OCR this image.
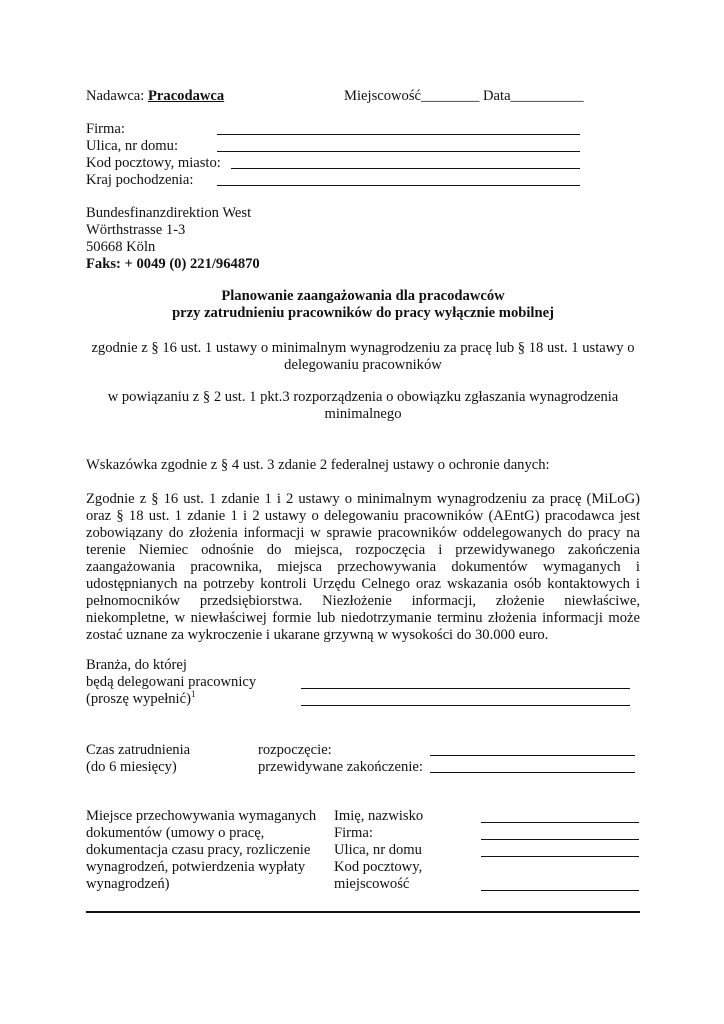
Nadawca: Pracodawca	Miejscowość________ Data__________
Firma:
Ulica, nr domu:
Kod pocztowy, miasto:
Kraj pochodzenia:
Bundesfinanzdirektion West
Wörthstrasse 1-3
50668 Köln
Faks: + 0049 (0) 221/964870
Planowanie zaangażowania dla pracodawców
przy zatrudnieniu pracowników do pracy wyłącznie mobilnej
zgodnie z § 16 ust. 1 ustawy o minimalnym wynagrodzeniu za pracę lub § 18 ust. 1 ustawy o delegowaniu pracowników
w powiązaniu z § 2 ust. 1 pkt.3 rozporządzenia o obowiązku zgłaszania wynagrodzenia minimalnego
Wskazówka zgodnie z § 4 ust. 3 zdanie 2 federalnej ustawy o ochronie danych:
Zgodnie z § 16 ust. 1 zdanie 1 i 2 ustawy o minimalnym wynagrodzeniu za pracę (MiLoG) oraz § 18 ust. 1 zdanie 1 i 2 ustawy o delegowaniu pracowników (AEntG) pracodawca jest zobowiązany do złożenia informacji w sprawie pracowników oddelegowanych do pracy na terenie Niemiec odnośnie do miejsca, rozpoczęcia i przewidywanego zakończenia zaangażowania pracownika, miejsca przechowywania dokumentów wymaganych i udostępnianych na potrzeby kontroli Urzędu Celnego oraz wskazania osób kontaktowych i pełnomocników przedsiębiorstwa. Niezłożenie informacji, złożenie niewłaściwe, niekompletne, w niewłaściwej formie lub niedotrzymanie terminu złożenia informacji może zostać uznane za wykroczenie i ukarane grzywną w wysokości do 30.000 euro.
Branża, do której
będą delegowani pracownicy
(proszę wypełnić)$^1$
Czas zatrudnienia
(do 6 miesięcy)
rozpoczęcie:
przewidywane zakończenie:
Miejsce przechowywania wymaganych
dokumentów (umowy o pracę,
dokumentacja czasu pracy, rozliczenie
wynagrodzeń, potwierdzenia wypłaty
wynagrodzeń)
Imię, nazwisko
Firma:
Ulica, nr domu
Kod pocztowy,
miejscowość
